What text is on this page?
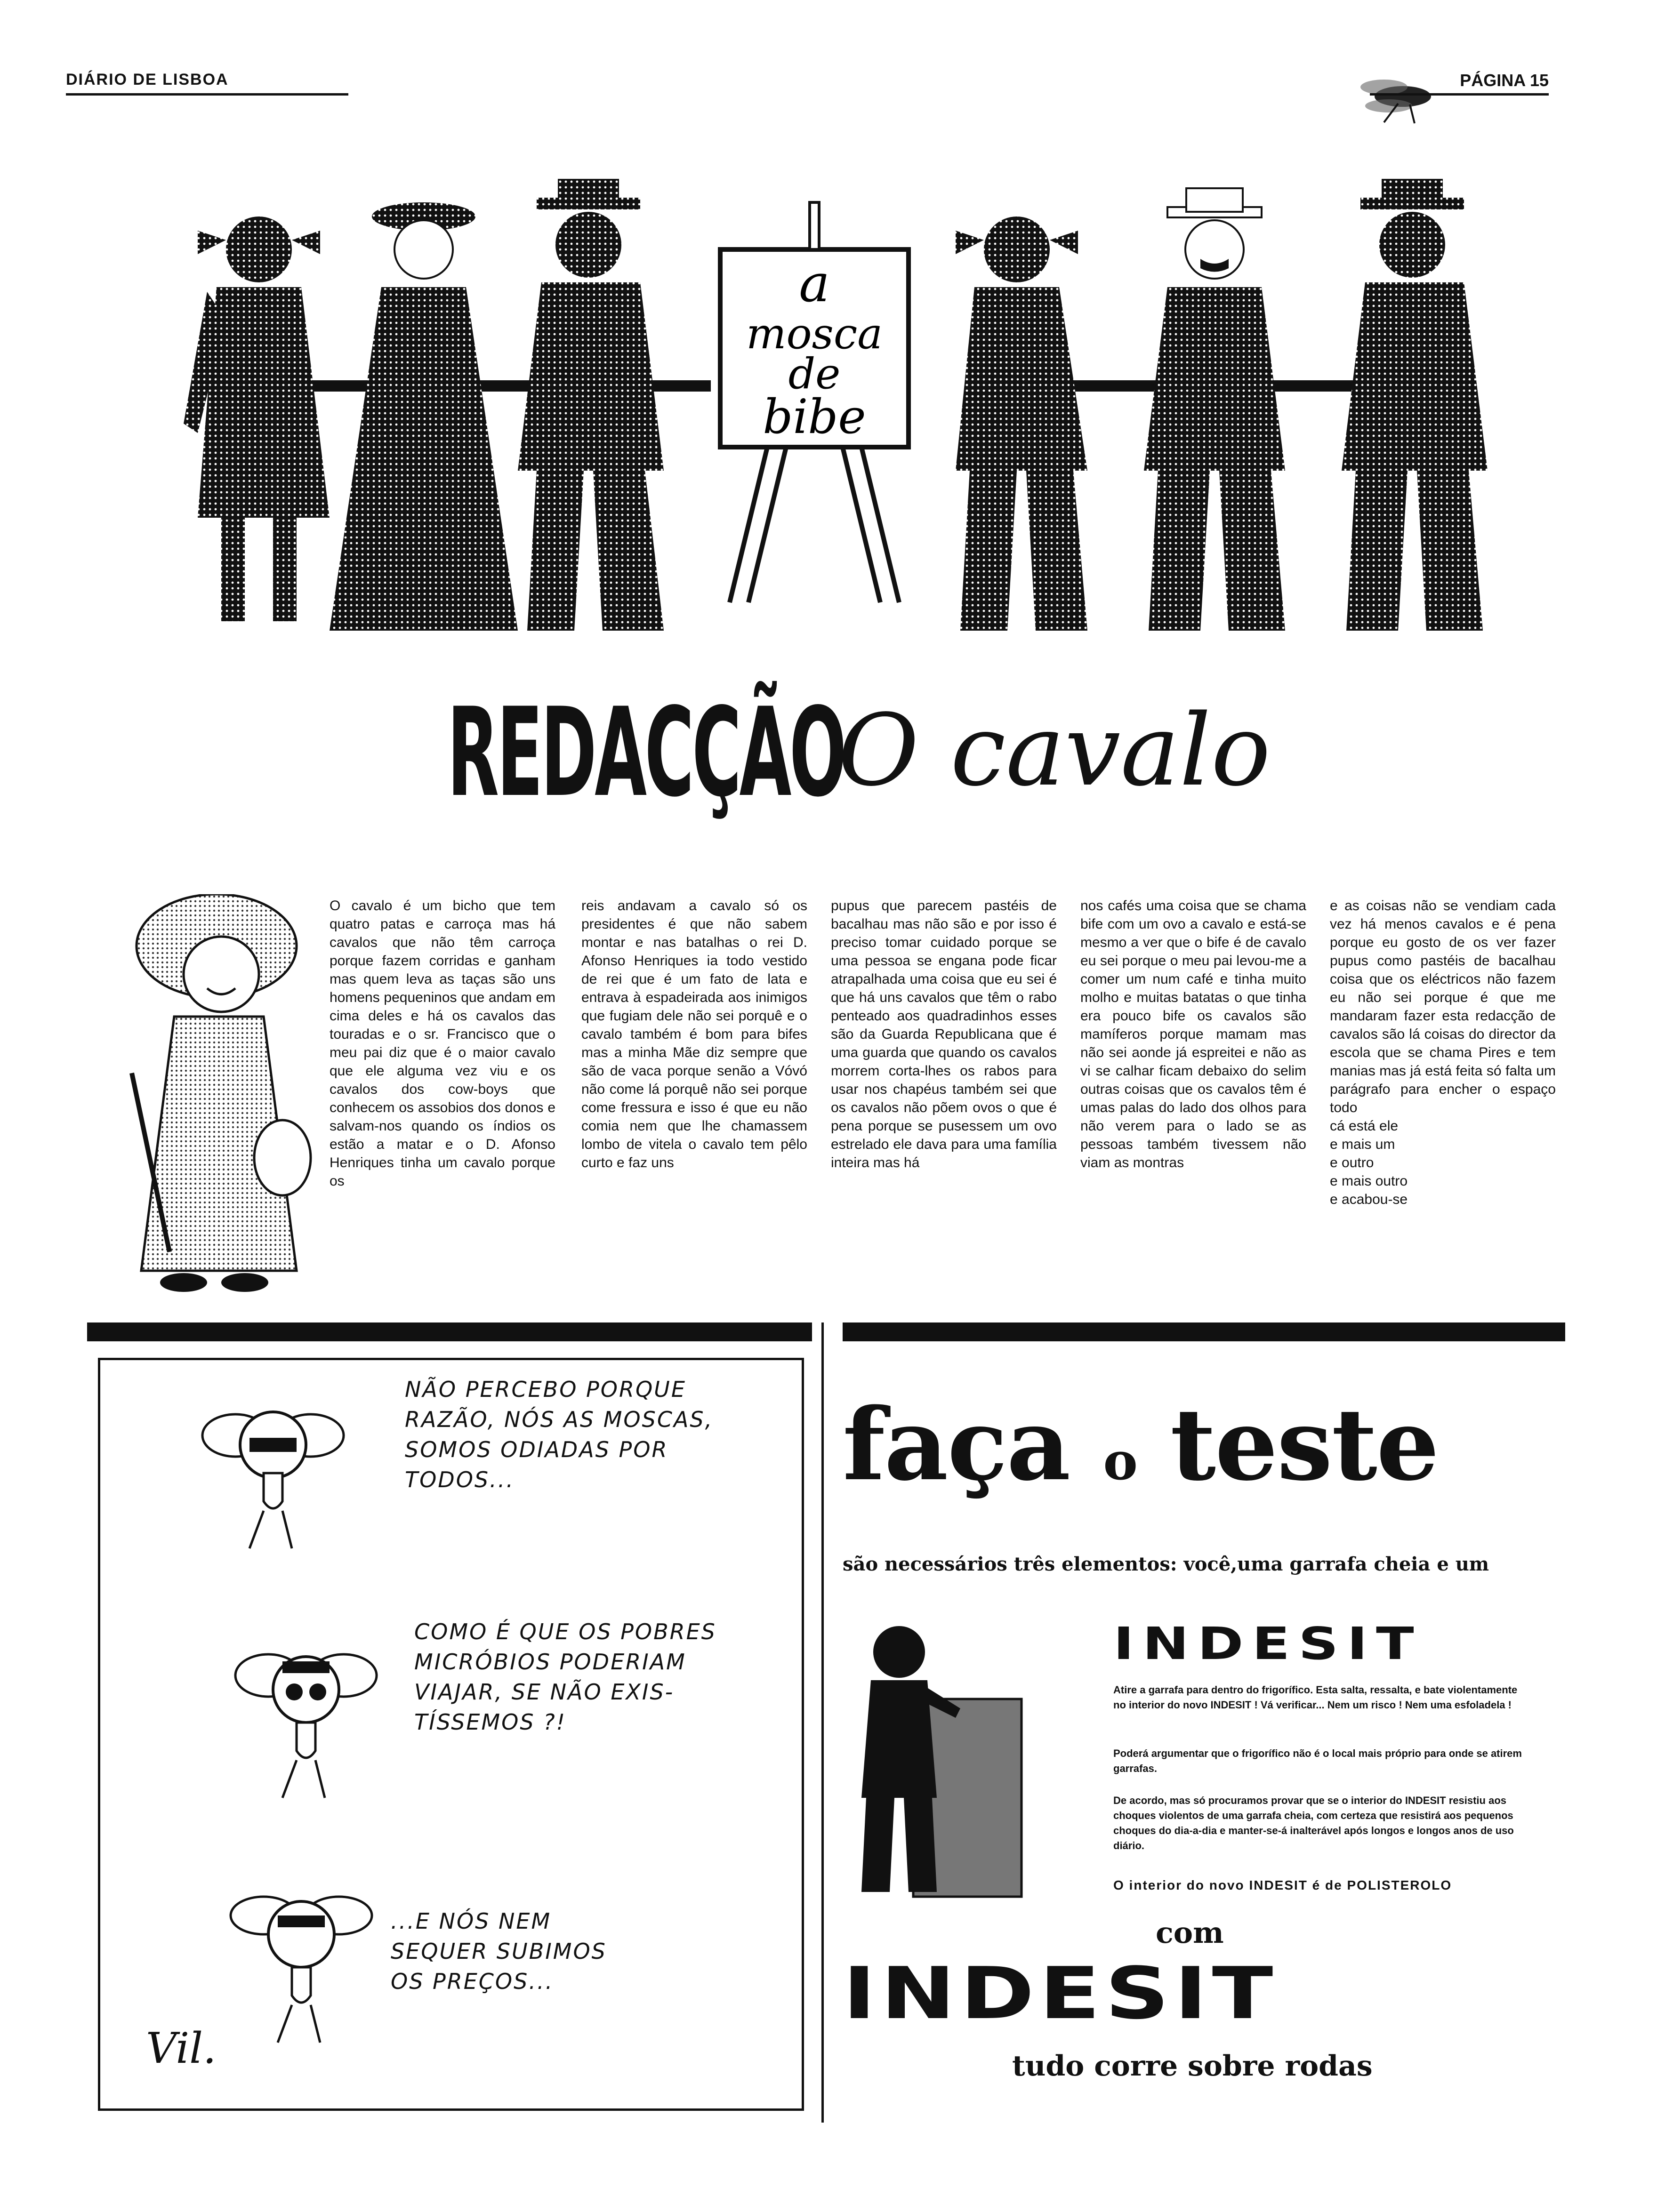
DIÁRIO DE LISBOA	PÁGINA 15
a
mosca
de
bibe
REDACÇÃO
O cavalo
O cavalo é um bicho que tem quatro patas e carroça mas há cavalos que não têm carroça porque fazem corridas e ganham mas quem leva as taças são uns homens pequeninos que andam em cima deles e há os cavalos das touradas e o sr. Francisco que o meu pai diz que é o maior cavalo que ele alguma vez viu e os cavalos dos cow-boys que conhecem os assobios dos donos e salvam-nos quando os índios os estão a matar e o D. Afonso Henriques tinha um cavalo porque os
reis andavam a cavalo só os presidentes é que não sabem montar e nas batalhas o rei D. Afonso Henriques ia todo vestido de rei que é um fato de lata e entrava à espadeirada aos inimigos que fugiam dele não sei porquê e o cavalo também é bom para bifes mas a minha Mãe diz sempre que são de vaca porque senão a Vóvó não come lá porquê não sei porque come fressura e isso é que eu não comia nem que lhe chamassem lombo de vitela o cavalo tem pêlo curto e faz uns
pupus que parecem pastéis de bacalhau mas não são e por isso é preciso tomar cuidado porque se uma pessoa se engana pode ficar atrapalhada uma coisa que eu sei é que há uns cavalos que têm o rabo penteado aos quadradinhos esses são da Guarda Republicana que é uma guarda que quando os cavalos morrem corta-lhes os rabos para usar nos chapéus também sei que os cavalos não põem ovos o que é pena porque se pusessem um ovo estrelado ele dava para uma família inteira mas há
nos cafés uma coisa que se chama bife com um ovo a cavalo e está-se mesmo a ver que o bife é de cavalo eu sei porque o meu pai levou-me a comer um num café e tinha muito molho e muitas batatas o que tinha era pouco bife os cavalos são mamíferos porque mamam mas não sei aonde já espreitei e não as vi se calhar ficam debaixo do selim outras coisas que os cavalos têm é umas palas do lado dos olhos para não verem para o lado se as pessoas também tivessem não viam as montras
e as coisas não se vendiam cada vez há menos cavalos e é pena porque eu gosto de os ver fazer pupus como pastéis de bacalhau coisa que os eléctricos não fazem eu não sei porque é que me mandaram fazer esta redacção de cavalos são lá coisas do director da escola que se chama Pires e tem manias mas já está feita só falta um parágrafo para encher o espaço todo
cá está ele
e mais um
e outro
e mais outro
e acabou-se
NÃO PERCEBO PORQUE
RAZÃO, NÓS AS MOSCAS,
SOMOS ODIADAS POR
TODOS...
COMO É QUE OS POBRES
MICRÓBIOS PODERIAM
VIAJAR, SE NÃO EXIS-
TÍSSEMOS ?!
...E NÓS NEM
SEQUER SUBIMOS
OS PREÇOS...
Vil.
faça o teste
são necessários três elementos: você,uma garrafa cheia e um
INDESIT
Atire a garrafa para dentro do frigorífico. Esta salta, ressalta, e bate violentamente no interior do novo INDESIT ! Vá verificar... Nem um risco ! Nem uma esfoladela !
Poderá argumentar que o frigorífico não é o local mais próprio para onde se atirem garrafas.
De acordo, mas só procuramos provar que se o interior do INDESIT resistiu aos choques violentos de uma garrafa cheia, com certeza que resistirá aos pequenos choques do dia-a-dia e manter-se-á inalterável após longos e longos anos de uso diário.
O interior do novo INDESIT é de POLISTEROLO
com
INDESIT
tudo corre sobre rodas
